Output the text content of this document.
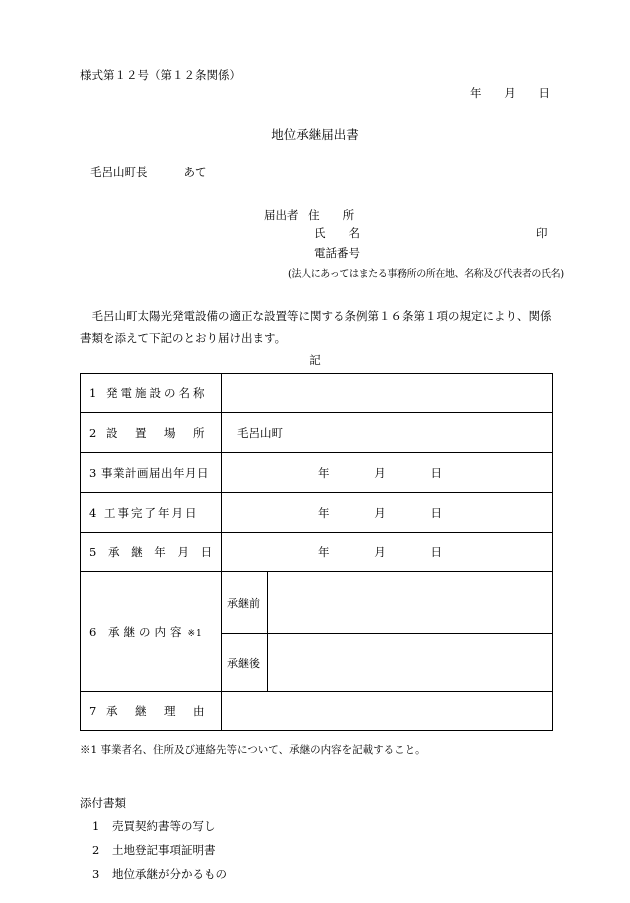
様式第１２号（第１２条関係）
年 月 日
地位承継届出書
毛呂山町長	あて
届出者 住　　所
氏　　名	印
電話番号
(法人にあってはまたる事務所の所在地、名称及び代表者の氏名)
毛呂山町太陽光発電設備の適正な設置等に関する条例第１６条第１項の規定により、関係書類を添えて下記のとおり届け出ます。
記
1 発電施設の名称		
2 設　置　場　所	毛呂山町	
3 事業計画届出年月日	年 月 日	

4 工事完了年月日	年 月 日	

5 承 継 年 月 日	年 月 日	

6 承継の内容 ※1	承継前	
	承継後	
7 承　継　理　由		
※1 事業者名、住所及び連絡先等について、承継の内容を記載すること。
添付書類
1 売買契約書等の写し
2 土地登記事項証明書
3 地位承継が分かるもの
